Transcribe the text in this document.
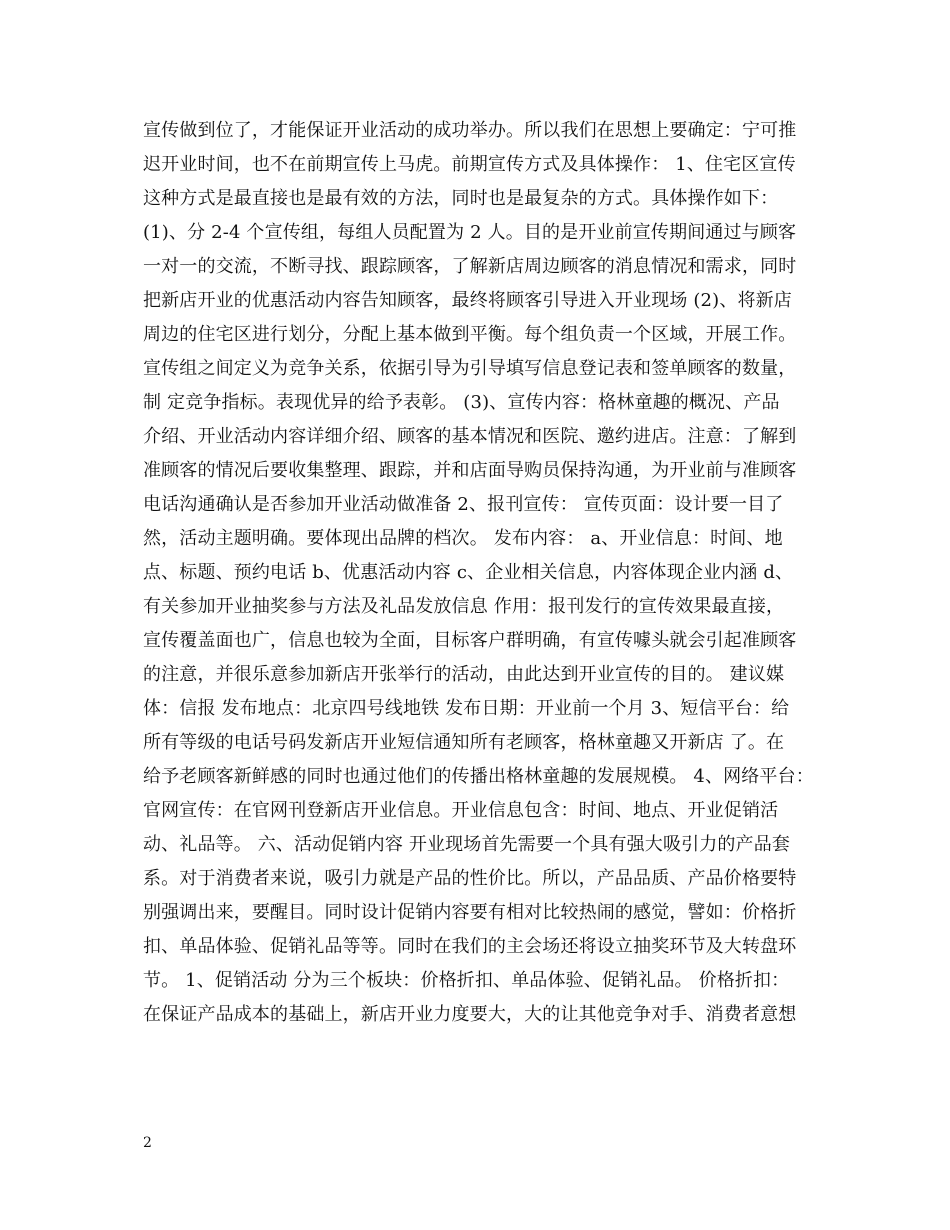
宣传做到位了，才能保证开业活动的成功举办。所以我们在思想上要确定：宁可推
迟开业时间，也不在前期宣传上马虎。前期宣传方式及具体操作： 1、住宅区宣传
这种方式是最直接也是最有效的方法，同时也是最复杂的方式。具体操作如下：
(1)、分 2-4 个宣传组，每组人员配置为 2 人。目的是开业前宣传期间通过与顾客
一对一的交流，不断寻找、跟踪顾客，了解新店周边顾客的消息情况和需求，同时
把新店开业的优惠活动内容告知顾客，最终将顾客引导进入开业现场 (2)、将新店
周边的住宅区进行划分，分配上基本做到平衡。每个组负责一个区域，开展工作。
宣传组之间定义为竞争关系，依据引导为引导填写信息登记表和签单顾客的数量，
制 定竞争指标。表现优异的给予表彰。 (3)、宣传内容：格林童趣的概况、产品
介绍、开业活动内容详细介绍、顾客的基本情况和医院、邀约进店。注意：了解到
准顾客的情况后要收集整理、跟踪，并和店面导购员保持沟通，为开业前与准顾客
电话沟通确认是否参加开业活动做准备 2、报刊宣传： 宣传页面：设计要一目了
然，活动主题明确。要体现出品牌的档次。 发布内容： a、开业信息：时间、地
点、标题、预约电话 b、优惠活动内容 c、企业相关信息，内容体现企业内涵 d、
有关参加开业抽奖参与方法及礼品发放信息 作用：报刊发行的宣传效果最直接，
宣传覆盖面也广，信息也较为全面，目标客户群明确，有宣传噱头就会引起准顾客
的注意，并很乐意参加新店开张举行的活动，由此达到开业宣传的目的。 建议媒
体：信报 发布地点：北京四号线地铁 发布日期：开业前一个月 3、短信平台：给
所有等级的电话号码发新店开业短信通知所有老顾客，格林童趣又开新店 了。在
给予老顾客新鲜感的同时也通过他们的传播出格林童趣的发展规模。 4、网络平台：
官网宣传：在官网刊登新店开业信息。开业信息包含：时间、地点、开业促销活
动、礼品等。 六、活动促销内容 开业现场首先需要一个具有强大吸引力的产品套
系。对于消费者来说，吸引力就是产品的性价比。所以，产品品质、产品价格要特
别强调出来，要醒目。同时设计促销内容要有相对比较热闹的感觉，譬如：价格折
扣、单品体验、促销礼品等等。同时在我们的主会场还将设立抽奖环节及大转盘环
节。 1、促销活动 分为三个板块：价格折扣、单品体验、促销礼品。 价格折扣：
在保证产品成本的基础上，新店开业力度要大，大的让其他竞争对手、消费者意想
2
